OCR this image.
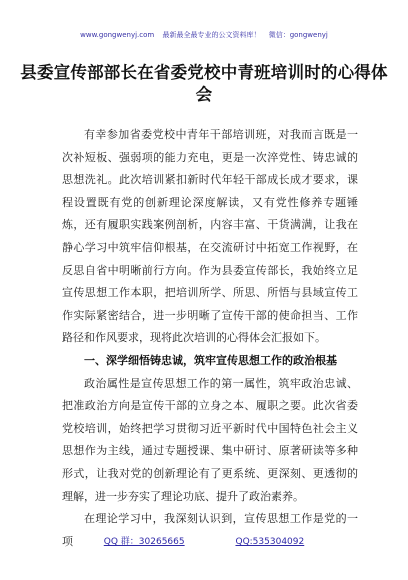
www.gongwenyj.com 最新最全最专业的公文资料库！ 微信：gongwenyj
县委宣传部部长在省委党校中青班培训时的心得体会

有幸参加省委党校中青年干部培训班，对我而言既是一次补短板、强弱项的能力充电，更是一次淬党性、铸忠诚的思想洗礼。此次培训紧扣新时代年轻干部成长成才要求，课程设置既有党的创新理论深度解读，又有党性修养专题锤炼，还有履职实践案例剖析，内容丰富、干货满满，让我在静心学习中筑牢信仰根基，在交流研讨中拓宽工作视野，在反思自省中明晰前行方向。作为县委宣传部长，我始终立足宣传思想工作本职，把培训所学、所思、所悟与县域宣传工作实际紧密结合，进一步明晰了宣传干部的使命担当、工作路径和作风要求，现将此次培训的心得体会汇报如下。

一、深学细悟铸忠诚，筑牢宣传思想工作的政治根基

政治属性是宣传思想工作的第一属性，筑牢政治忠诚、把准政治方向是宣传干部的立身之本、履职之要。此次省委党校培训，始终把学习贯彻习近平新时代中国特色社会主义思想作为主线，通过专题授课、集中研讨、原著研读等多种形式，让我对党的创新理论有了更系统、更深刻、更透彻的理解，进一步夯实了理论功底、提升了政治素养。

在理论学习中，我深刻认识到，宣传思想工作是党的一项	QQ 群：30265665	QQ:535304092
